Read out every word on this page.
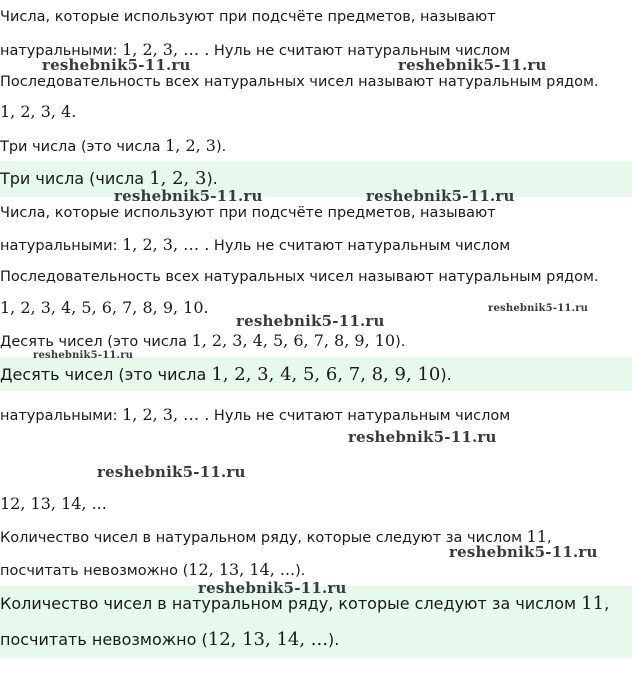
Числа, которые используют при подсчёте предметов, называют
натуральными: 1, 2, 3, … . Нуль не считают натуральным числом
Последовательность всех натуральных чисел называют натуральным рядом.
1, 2, 3, 4.
Три числа (это числа 1, 2, 3).
Три числа (числа 1, 2, 3).
Числа, которые используют при подсчёте предметов, называют
натуральными: 1, 2, 3, … . Нуль не считают натуральным числом
Последовательность всех натуральных чисел называют натуральным рядом.
1, 2, 3, 4, 5, 6, 7, 8, 9, 10.
Десять чисел (это числа 1, 2, 3, 4, 5, 6, 7, 8, 9, 10).
Десять чисел (это числа 1, 2, 3, 4, 5, 6, 7, 8, 9, 10).
натуральными: 1, 2, 3, … . Нуль не считают натуральным числом
12, 13, 14, ...
Количество чисел в натуральном ряду, которые следуют за числом 11,
посчитать невозможно (12, 13, 14, ...).
Количество чисел в натуральном ряду, которые следуют за числом 11,
посчитать невозможно (12, 13, 14, ...).
reshebnik5-11.ru	reshebnik5-11.ru
reshebnik5-11.ru	reshebnik5-11.ru
reshebnik5-11.ru
reshebnik5-11.ru
reshebnik5-11.ru
reshebnik5-11.ru
reshebnik5-11.ru
reshebnik5-11.ru
reshebnik5-11.ru
